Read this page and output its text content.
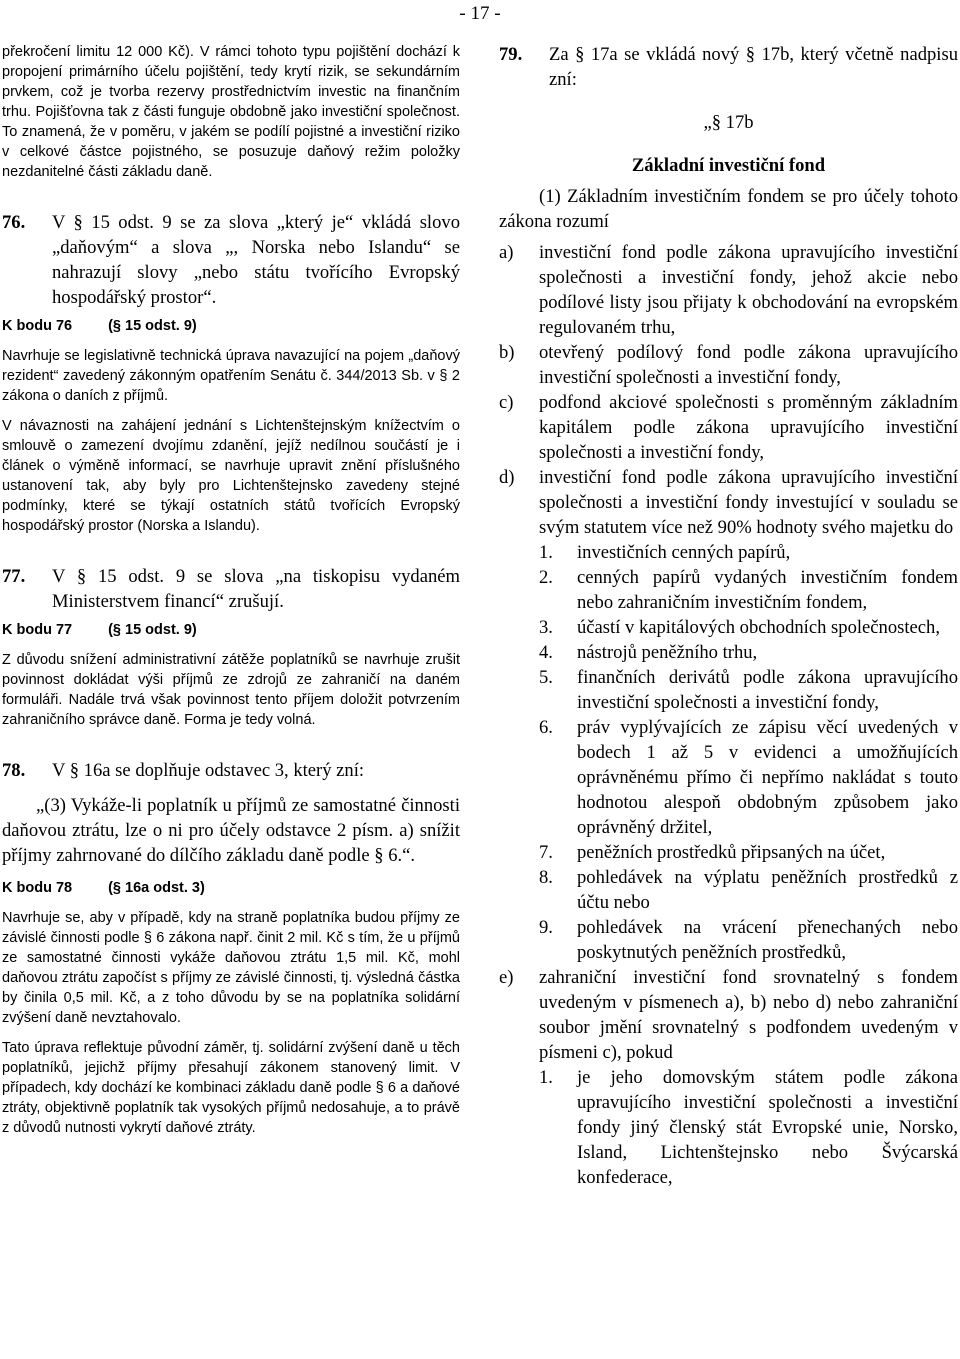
- 17 -

překročení limitu 12 000 Kč). V rámci tohoto typu pojištění dochází k propojení primárního účelu pojištění, tedy krytí rizik, se sekundárním prvkem, což je tvorba rezervy prostřednictvím investic na finančním trhu. Pojišťovna tak z části funguje obdobně jako investiční společnost. To znamená, že v poměru, v jakém se podílí pojistné a investiční riziko v celkové částce pojistného, se posuzuje daňový režim položky nezdanitelné části základu daně.

76.	V § 15 odst. 9 se za slova „který je“ vkládá slovo „daňovým“ a slova „, Norska nebo Islandu“ se nahrazují slovy „nebo státu tvořícího Evropský hospodářský prostor“.

K bodu 76 (§ 15 odst. 9)

Navrhuje se legislativně technická úprava navazující na pojem „daňový rezident“ zavedený zákonným opatřením Senátu č. 344/2013 Sb. v § 2 zákona o daních z příjmů.

V návaznosti na zahájení jednání s Lichtenštejnským knížectvím o smlouvě o zamezení dvojímu zdanění, jejíž nedílnou součástí je i článek o výměně informací, se navrhuje upravit znění příslušného ustanovení tak, aby byly pro Lichtenštejnsko zavedeny stejné podmínky, které se týkají ostatních států tvořících Evropský hospodářský prostor (Norska a Islandu).

77.	V § 15 odst. 9 se slova „na tiskopisu vydaném Ministerstvem financí“ zrušují.

K bodu 77 (§ 15 odst. 9)

Z důvodu snížení administrativní zátěže poplatníků se navrhuje zrušit povinnost dokládat výši příjmů ze zdrojů ze zahraničí na daném formuláři. Nadále trvá však povinnost tento příjem doložit potvrzením zahraničního správce daně. Forma je tedy volná.

78.	V § 16a se doplňuje odstavec 3, který zní:

„(3) Vykáže-li poplatník u příjmů ze samostatné činnosti daňovou ztrátu, lze o ni pro účely odstavce 2 písm. a) snížit příjmy zahrnované do dílčího základu daně podle § 6.“.

K bodu 78 (§ 16a odst. 3)

Navrhuje se, aby v případě, kdy na straně poplatníka budou příjmy ze závislé činnosti podle § 6 zákona např. činit 2 mil. Kč s tím, že u příjmů ze samostatné činnosti vykáže daňovou ztrátu 1,5 mil. Kč, mohl daňovou ztrátu započíst s příjmy ze závislé činnosti, tj. výsledná částka by činila 0,5 mil. Kč, a z toho důvodu by se na poplatníka solidární zvýšení daně nevztahovalo.

Tato úprava reflektuje původní záměr, tj. solidární zvýšení daně u těch poplatníků, jejichž příjmy přesahují zákonem stanovený limit. V případech, kdy dochází ke kombinaci základu daně podle § 6 a daňové ztráty, objektivně poplatník tak vysokých příjmů nedosahuje, a to právě z důvodů nutnosti vykrytí daňové ztráty.

79.	Za § 17a se vkládá nový § 17b, který včetně nadpisu zní:

„§ 17b

Základní investiční fond

(1) Základním investičním fondem se pro účely tohoto zákona rozumí

a)	investiční fond podle zákona upravujícího investiční společnosti a investiční fondy, jehož akcie nebo podílové listy jsou přijaty k obchodování na evropském regulovaném trhu,
b)	otevřený podílový fond podle zákona upravujícího investiční společnosti a investiční fondy,
c)	podfond akciové společnosti s proměnným základním kapitálem podle zákona upravujícího investiční společnosti a investiční fondy,
d)	investiční fond podle zákona upravujícího investiční společnosti a investiční fondy investující v souladu se svým statutem více než 90% hodnoty svého majetku do
1.	investičních cenných papírů,
2.	cenných papírů vydaných investičním fondem nebo zahraničním investičním fondem,
3.	účastí v kapitálových obchodních společnostech,
4.	nástrojů peněžního trhu,
5.	finančních derivátů podle zákona upravujícího investiční společnosti a investiční fondy,
6.	práv vyplývajících ze zápisu věcí uvedených v bodech 1 až 5 v evidenci a umožňujících oprávněnému přímo či nepřímo nakládat s touto hodnotou alespoň obdobným způsobem jako oprávněný držitel,
7.	peněžních prostředků připsaných na účet,
8.	pohledávek na výplatu peněžních prostředků z účtu nebo
9.	pohledávek na vrácení přenechaných nebo poskytnutých peněžních prostředků,
e)	zahraniční investiční fond srovnatelný s fondem uvedeným v písmenech a), b) nebo d) nebo zahraniční soubor jmění srovnatelný s podfondem uvedeným v písmeni c), pokud
1.	je jeho domovským státem podle zákona upravujícího investiční společnosti a investiční fondy jiný členský stát Evropské unie, Norsko, Island, Lichtenštejnsko nebo Švýcarská konfederace,
